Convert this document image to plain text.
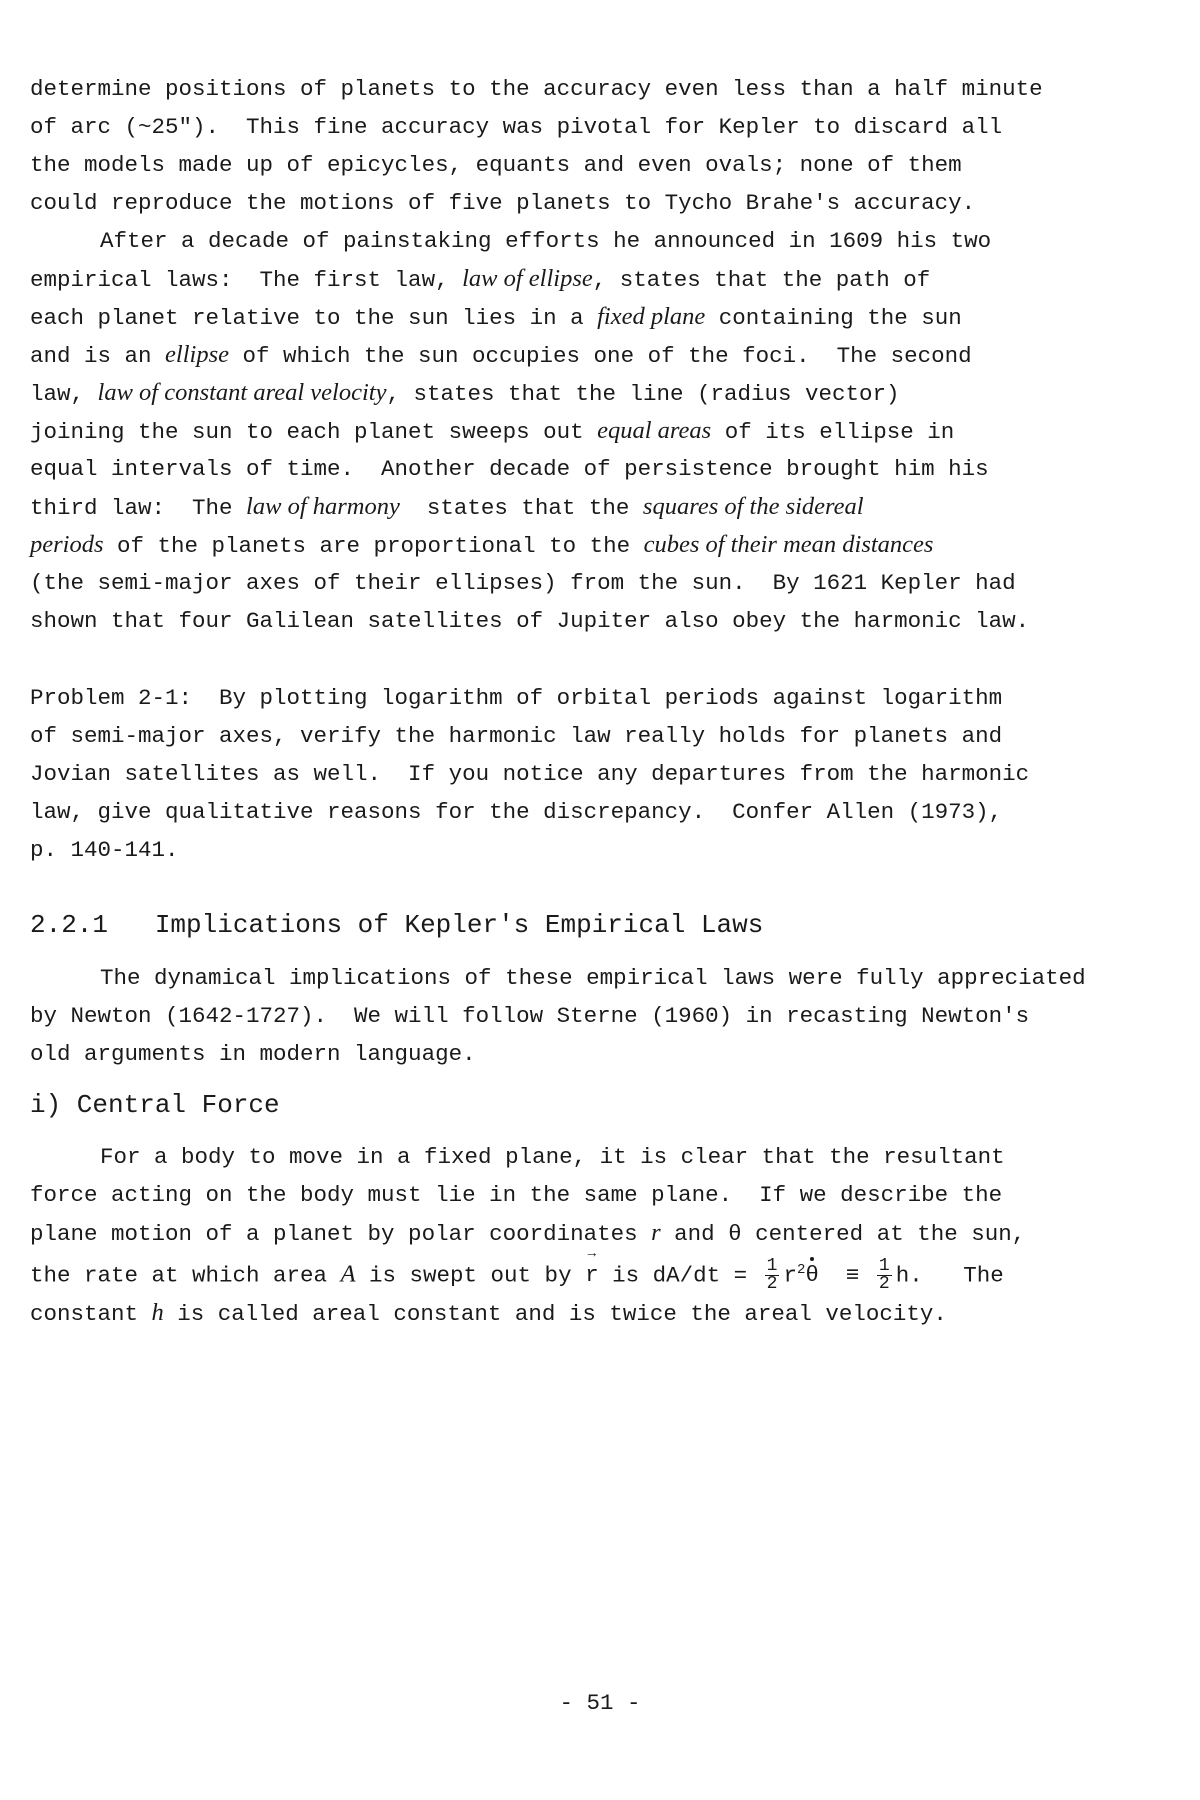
determine positions of planets to the accuracy even less than a half minute
of arc (~25").  This fine accuracy was pivotal for Kepler to discard all
the models made up of epicycles, equants and even ovals; none of them
could reproduce the motions of five planets to Tycho Brahe's accuracy.
After a decade of painstaking efforts he announced in 1609 his two
empirical laws:  The first law, law of ellipse, states that the path of
each planet relative to the sun lies in a fixed plane containing the sun
and is an ellipse of which the sun occupies one of the foci.  The second
law, law of constant areal velocity, states that the line (radius vector)
joining the sun to each planet sweeps out equal areas of its ellipse in
equal intervals of time.  Another decade of persistence brought him his
third law:  The law of harmony  states that the squares of the sidereal
periods of the planets are proportional to the cubes of their mean distances
(the semi-major axes of their ellipses) from the sun.  By 1621 Kepler had
shown that four Galilean satellites of Jupiter also obey the harmonic law.
Problem 2-1:  By plotting logarithm of orbital periods against logarithm
of semi-major axes, verify the harmonic law really holds for planets and
Jovian satellites as well.  If you notice any departures from the harmonic
law, give qualitative reasons for the discrepancy.  Confer Allen (1973),
p. 140-141.
2.2.1 Implications of Kepler's Empirical Laws
The dynamical implications of these empirical laws were fully appreciated
by Newton (1642-1727).  We will follow Sterne (1960) in recasting Newton's
old arguments in modern language.
i) Central Force
For a body to move in a fixed plane, it is clear that the resultant
force acting on the body must lie in the same plane.  If we describe the
plane motion of a planet by polar coordinates r and θ centered at the sun,
the rate at which area A is swept out by → r is $dA/dt = \frac{1}{2} r^2\theta \equiv \frac{1}{2} h$.   The
constant h is called areal constant and is twice the areal velocity.
- 51 -
